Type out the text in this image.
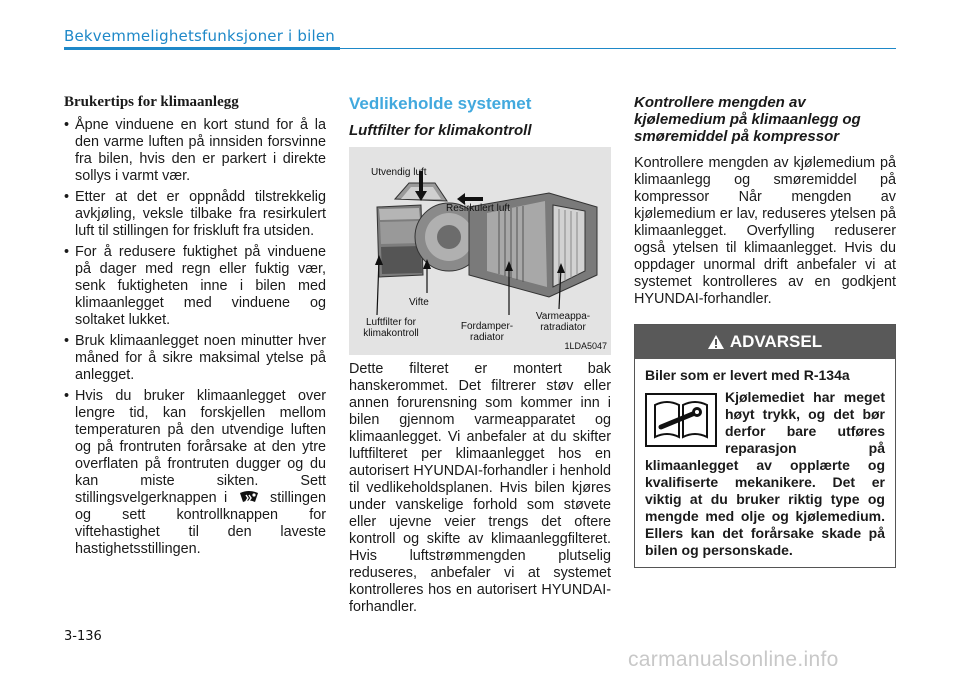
Bekvemmelighetsfunksjoner i bilen
Brukertips for klimaanlegg
• Åpne vinduene en kort stund for å la den varme luften på innsiden forsvinne fra bilen, hvis den er parkert i direkte sollys i varmt vær.
• Etter at det er oppnådd tilstrekkelig avkjøling, veksle tilbake fra resirkulert luft til stillingen for friskluft fra utsiden.
• For å redusere fuktighet på vinduene på dager med regn eller fuktig vær, senk fuktigheten inne i bilen med klimaanlegget med vinduene og soltaket lukket.
• Bruk klimaanlegget noen minutter hver måned for å sikre maksimal ytelse på anlegget.
• Hvis du bruker klimaanlegget over lengre tid, kan forskjellen mellom temperaturen på den utvendige luften og på frontruten forårsake at den ytre overflaten på frontruten dugger og du kan miste sikten. Sett stillingsvelgerknappen i	stillingen og sett kontrollknappen for viftehastighet til den laveste hastighetsstillingen.
Vedlikeholde systemet
Luftfilter for klimakontroll
Utvendig luft
Resirkulert luft
Vifte
Luftfilter for klimakontroll
Fordamper-radiator
Varmeappa-ratradiator
1LDA5047
Dette filteret er montert bak hanskerommet. Det filtrerer støv eller annen forurensning som kommer inn i bilen gjennom varmeapparatet og klimaanlegget. Vi anbefaler at du skifter luftfilteret per klimaanlegget hos en autorisert HYUNDAI-forhandler i henhold til vedlikeholdsplanen. Hvis bilen kjøres under vanskelige forhold som støvete eller ujevne veier trengs det oftere kontroll og skifte av klimaanleggfilteret. Hvis luftstrømmengden plutselig reduseres, anbefaler vi at systemet kontrolleres hos en autorisert HYUNDAI-forhandler.
Kontrollere mengden av kjølemedium på klimaanlegg og smøremiddel på kompressor
Kontrollere mengden av kjølemedium på klimaanlegg og smøremiddel på kompressor Når mengden av kjølemedium er lav, reduseres ytelsen på klimaanlegget. Overfylling reduserer også ytelsen til klimaanlegget. Hvis du oppdager unormal drift anbefaler vi at systemet kontrolleres av en godkjent HYUNDAI-forhandler.
ADVARSEL
Biler som er levert med R-134a
Kjølemediet har meget høyt trykk, og det bør derfor bare utføres reparasjon på klimaanlegget av opplærte og kvalifiserte mekanikere. Det er viktig at du bruker riktig type og mengde med olje og kjølemedium. Ellers kan det forårsake skade på bilen og personskade.
3-136
carmanualsonline.info
